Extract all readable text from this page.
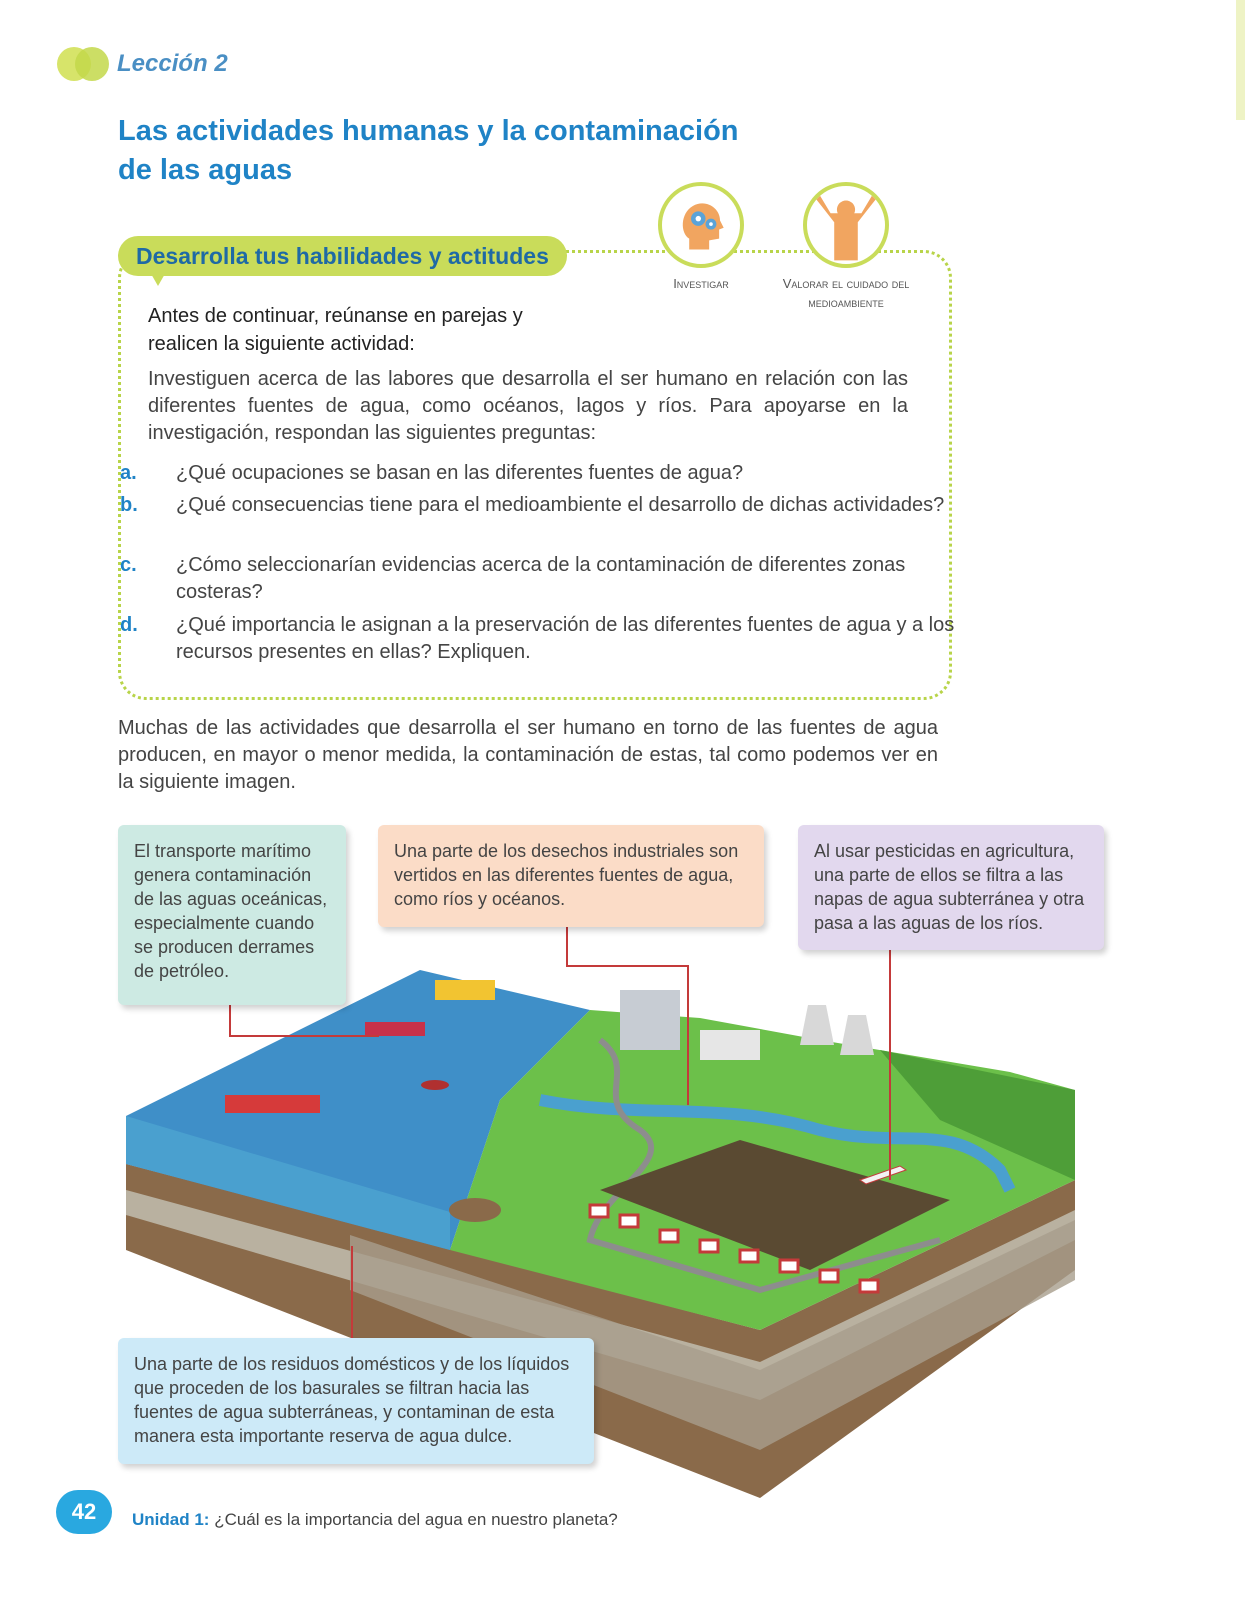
Lección 2
Las actividades humanas y la contaminación de las aguas
Desarrolla tus habilidades y actitudes
Investigar	Valorar el cuidado del medioambiente
Antes de continuar, reúnanse en parejas y realicen la siguiente actividad:
Investiguen acerca de las labores que desarrolla el ser humano en relación con las diferentes fuentes de agua, como océanos, lagos y ríos. Para apoyarse en la investigación, respondan las siguientes preguntas:
a. ¿Qué ocupaciones se basan en las diferentes fuentes de agua?
b. ¿Qué consecuencias tiene para el medioambiente el desarrollo de dichas actividades?
c. ¿Cómo seleccionarían evidencias acerca de la contaminación de diferentes zonas costeras?
d. ¿Qué importancia le asignan a la preservación de las diferentes fuentes de agua y a los recursos presentes en ellas? Expliquen.
Muchas de las actividades que desarrolla el ser humano en torno de las fuentes de agua producen, en mayor o menor medida, la contaminación de estas, tal como podemos ver en la siguiente imagen.
El transporte marítimo genera contaminación de las aguas oceánicas, especialmente cuando se producen derrames de petróleo.
Una parte de los desechos industriales son vertidos en las diferentes fuentes de agua, como ríos y océanos.
Al usar pesticidas en agricultura, una parte de ellos se filtra a las napas de agua subterránea y otra pasa a las aguas de los ríos.
Una parte de los residuos domésticos y de los líquidos que proceden de los basurales se filtran hacia las fuentes de agua subterráneas, y contaminan de esta manera esta importante reserva de agua dulce.
42	Unidad 1: ¿Cuál es la importancia del agua en nuestro planeta?
